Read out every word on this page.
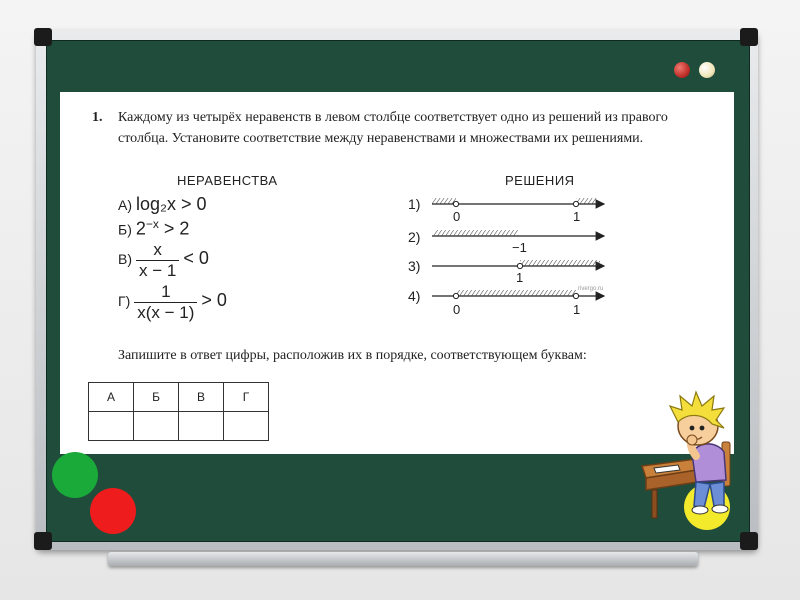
1. Каждому из четырёх неравенств в левом столбце соответствует одно из решений из правого
столбца. Установите соответствие между неравенствами и множествами их решениями.
НЕРАВЕНСТВА	РЕШЕНИЯ
А) log₂x > 0
Б) $2^{-x} > 2$
$В) \frac{x}{x - 1} < 0$
$Г) \frac{1}{x(x - 1)} > 0$
1)
2)
3)
4)
0	1
−1
1
0	1
rivergo.ru
Запишите в ответ цифры, расположив их в порядке, соответствующем буквам:
А	Б	В	Г
